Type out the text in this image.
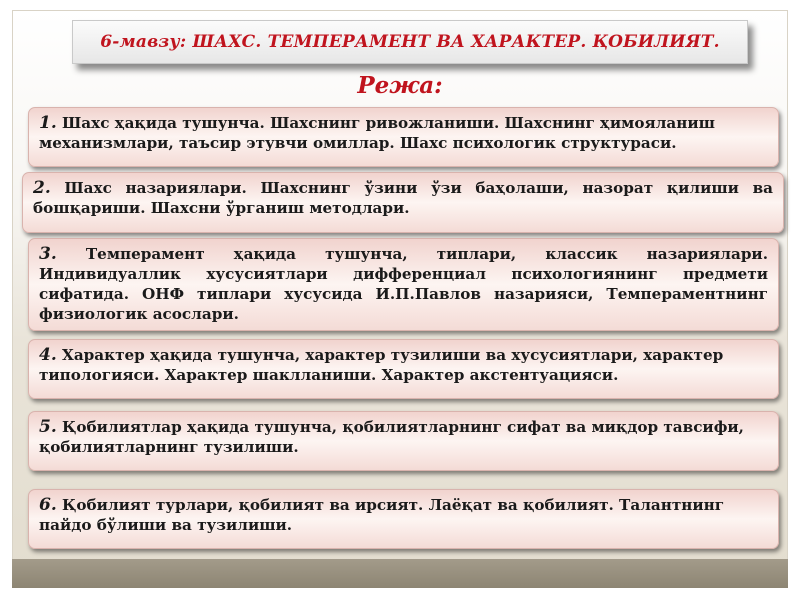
6-мавзу: ШАХС. ТЕМПЕРАМЕНТ ВА ХАРАКТЕР. ҚОБИЛИЯТ.
Режа:
1. Шахс ҳақида тушунча. Шахснинг ривожланиши. Шахснинг ҳимояланиш механизмлари, таъсир этувчи омиллар. Шахс психологик структураси.
2. Шахс назариялари. Шахснинг ўзини ўзи баҳолаши, назорат қилиши ва бошқариши. Шахсни ўрганиш методлари.
3. Темперамент ҳақида тушунча, типлари, классик назариялари. Индивидуаллик хусусиятлари дифференциал психологиянинг предмети сифатида. ОНФ типлари хусусида И.П.Павлов назарияси, Темпераментнинг физиологик асослари.
4. Характер ҳақида тушунча, характер тузилиши ва хусусиятлари, характер типологияси. Характер шаклланиши. Характер акстентуацияси.
5. Қобилиятлар ҳақида тушунча, қобилиятларнинг сифат ва миқдор тавсифи, қобилиятларнинг тузилиши.
6. Қобилият турлари, қобилият ва ирсият. Лаёқат ва қобилият. Талантнинг пайдо бўлиши ва тузилиши.
